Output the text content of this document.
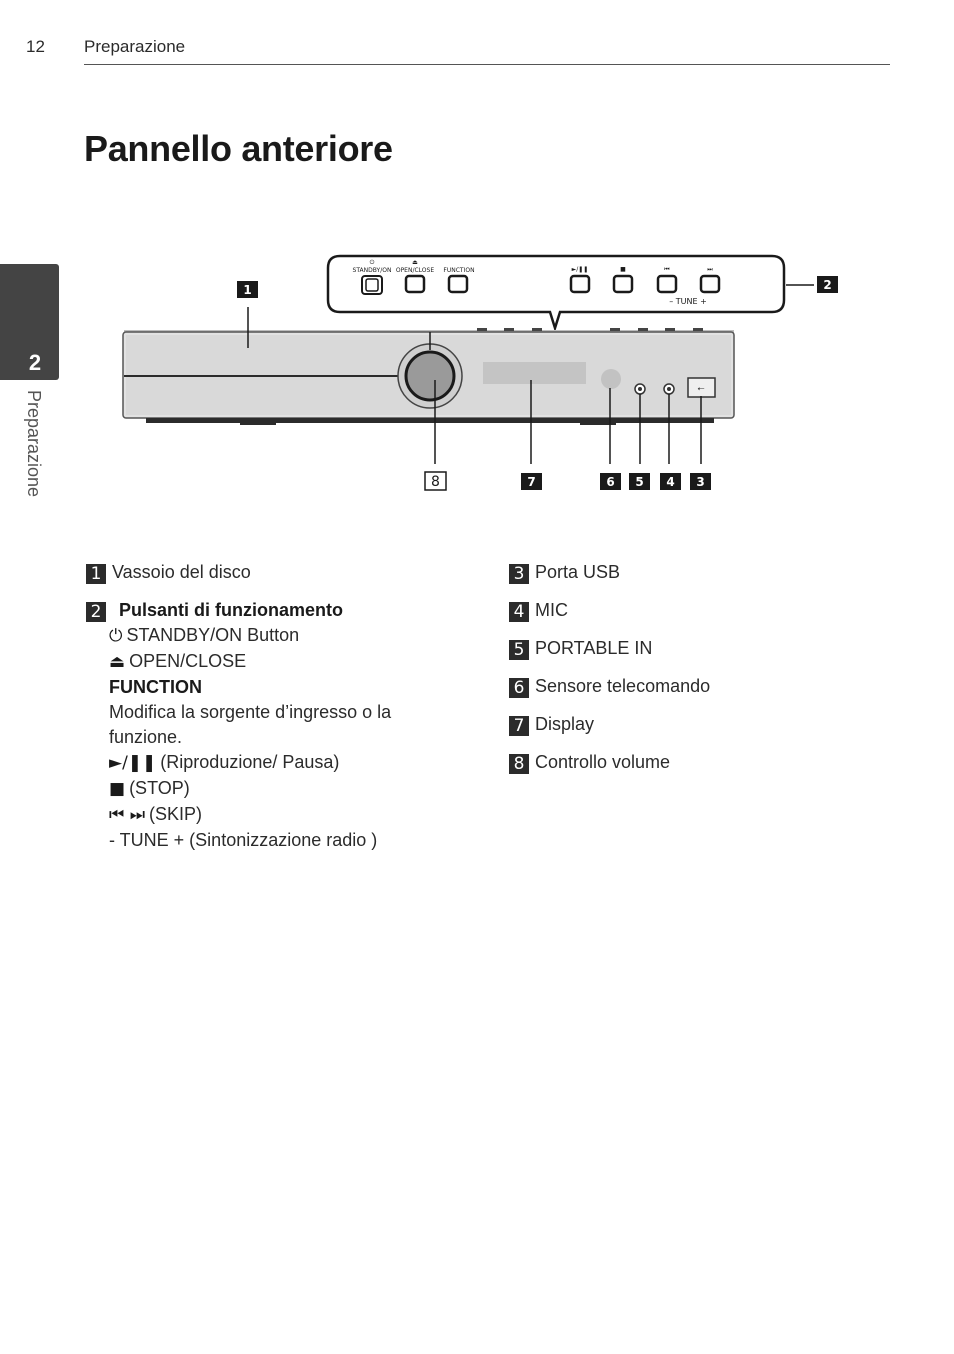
12 Preparazione
Pannello anteriore
2
Preparazione
⏻
STANDBY/ON
⏏
OPEN/CLOSE FUNCTION	►/❚❚	■	⏮	⏭
– TUNE +
⭠
1	2
8	7	6 5 4 3
1 Vassoio del disco
2 Pulsanti di funzionamento
⏻ STANDBY/ON Button
⏏ OPEN/CLOSE
FUNCTION
Modifica la sorgente d’ingresso o la funzione.
►/❚❚ (Riproduzione/ Pausa)
■ (STOP)
⏮ ⏭ (SKIP)
- TUNE + (Sintonizzazione radio )
3 Porta USB
4 MIC
5 PORTABLE IN
6 Sensore telecomando
7 Display
8 Controllo volume
